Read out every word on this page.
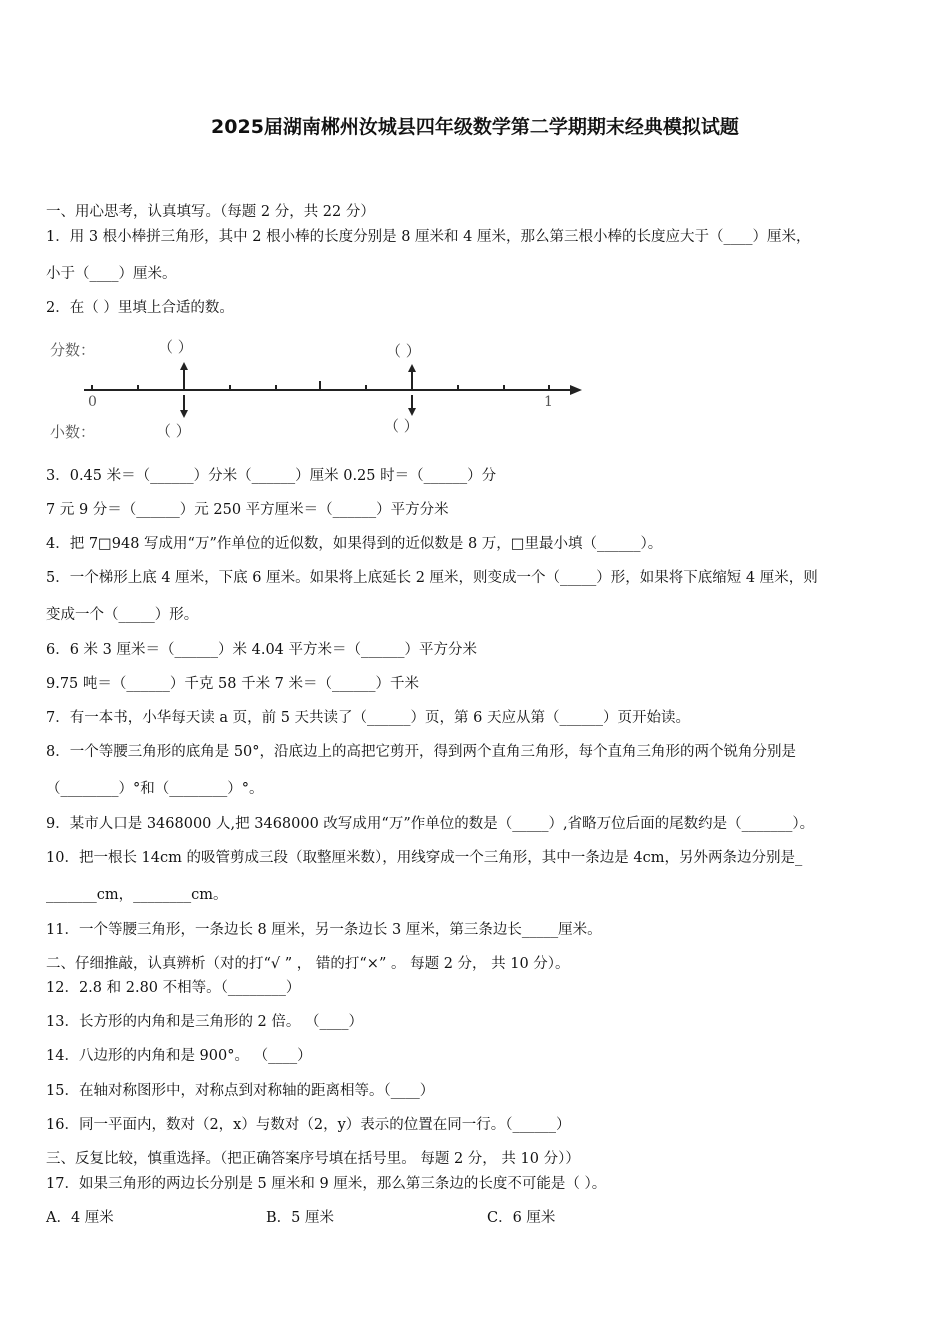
2025届湖南郴州汝城县四年级数学第二学期期末经典模拟试题
一、用心思考，认真填写。（每题 2 分，共 22 分）
1．用 3 根小棒拼三角形，其中 2 根小棒的长度分别是 8 厘米和 4 厘米，那么第三根小棒的长度应大于（____）厘米，
小于（____）厘米。
2．在（ ）里填上合适的数。
分数：
小数：
（ ）	（ ）
（ ）	（ ）
0	1
3．0.45 米＝（______）分米（______）厘米 0.25 时＝（______）分
7 元 9 分＝（______）元 250 平方厘米＝（______）平方分米
4．把 7□948 写成用“万”作单位的近似数，如果得到的近似数是 8 万，□里最小填（______）。
5．一个梯形上底 4 厘米，下底 6 厘米。如果将上底延长 2 厘米，则变成一个（_____）形，如果将下底缩短 4 厘米，则
变成一个（_____）形。
6．6 米 3 厘米＝（______）米 4.04 平方米＝（______）平方分米
9.75 吨＝（______）千克 58 千米 7 米＝（______）千米
7．有一本书，小华每天读 a 页，前 5 天共读了（______）页，第 6 天应从第（______）页开始读。
8．一个等腰三角形的底角是 50°，沿底边上的高把它剪开，得到两个直角三角形，每个直角三角形的两个锐角分别是
（________）°和（________）°。
9．某市人口是 3468000 人,把 3468000 改写成用“万”作单位的数是（_____）,省略万位后面的尾数约是（_______）。
10．把一根长 14cm 的吸管剪成三段（取整厘米数），用线穿成一个三角形，其中一条边是 4cm，另外两条边分别是_
_______cm，________cm。
11．一个等腰三角形，一条边长 8 厘米，另一条边长 3 厘米，第三条边长_____厘米。
二、仔细推敲，认真辨析（对的打“√ ” ， 错的打“×” 。 每题 2 分， 共 10 分）。
12．2.8 和 2.80 不相等。（________）
13．长方形的内角和是三角形的 2 倍。 （____）
14．八边形的内角和是 900°。 （____）
15．在轴对称图形中，对称点到对称轴的距离相等。（____）
16．同一平面内，数对（2，x）与数对（2，y）表示的位置在同一行。（______）
三、反复比较，慎重选择。（把正确答案序号填在括号里。 每题 2 分， 共 10 分））
17．如果三角形的两边长分别是 5 厘米和 9 厘米，那么第三条边的长度不可能是（ ）。
A．4 厘米	B．5 厘米	C．6 厘米
